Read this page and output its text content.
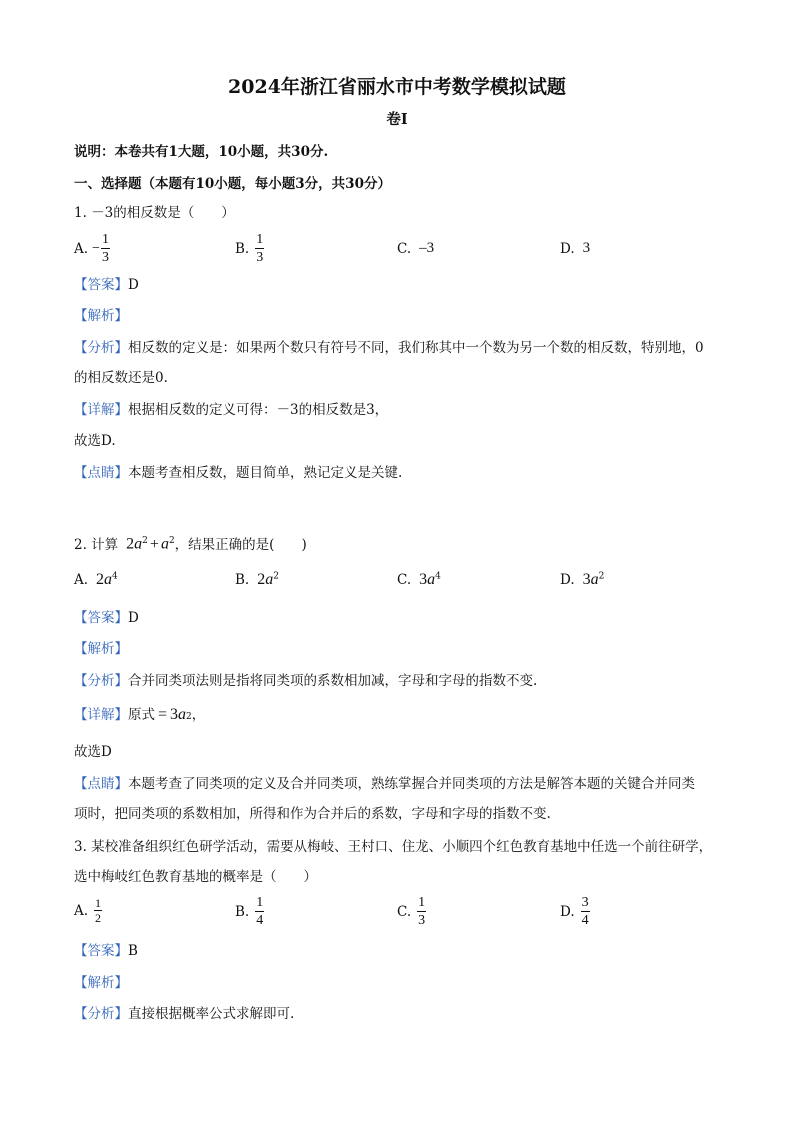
2024年浙江省丽水市中考数学模拟试题
卷I
说明：本卷共有1大题，10小题，共30分.
一、选择题（本题有10小题，每小题3分，共30分）
1. －3的相反数是（　　）
A. − $\frac{1}{3}$	B. $\frac{1}{3}$	C. –3	D. 3
【答案】D
【解析】
【分析】相反数的定义是：如果两个数只有符号不同，我们称其中一个数为另一个数的相反数，特别地，0
的相反数还是0.
【详解】根据相反数的定义可得：－3的相反数是3，
故选D.
【点睛】本题考查相反数，题目简单，熟记定义是关键.
2. 计算 $2a^2 + a^2$ ，结果正确的是(　　)
A. $2a^4$	B. $2a^2$	C. $3a^4$	D. $3a^2$
【答案】D
【解析】
【分析】合并同类项法则是指将同类项的系数相加减，字母和字母的指数不变.
【详解】 原式 = 3 a 2 ，
故选D
【点睛】本题考查了同类项的定义及合并同类项，熟练掌握合并同类项的方法是解答本题的关键合并同类
项时，把同类项的系数相加，所得和作为合并后的系数，字母和字母的指数不变.
3. 某校准备组织红色研学活动，需要从梅岐、王村口、住龙、小顺四个红色教育基地中任选一个前往研学，
选中梅岐红色教育基地的概率是（　　）
A. $\frac{1}{2}$	B. $\frac{1}{4}$	C. $\frac{1}{3}$	D. $\frac{3}{4}$
【答案】B
【解析】
【分析】直接根据概率公式求解即可.
